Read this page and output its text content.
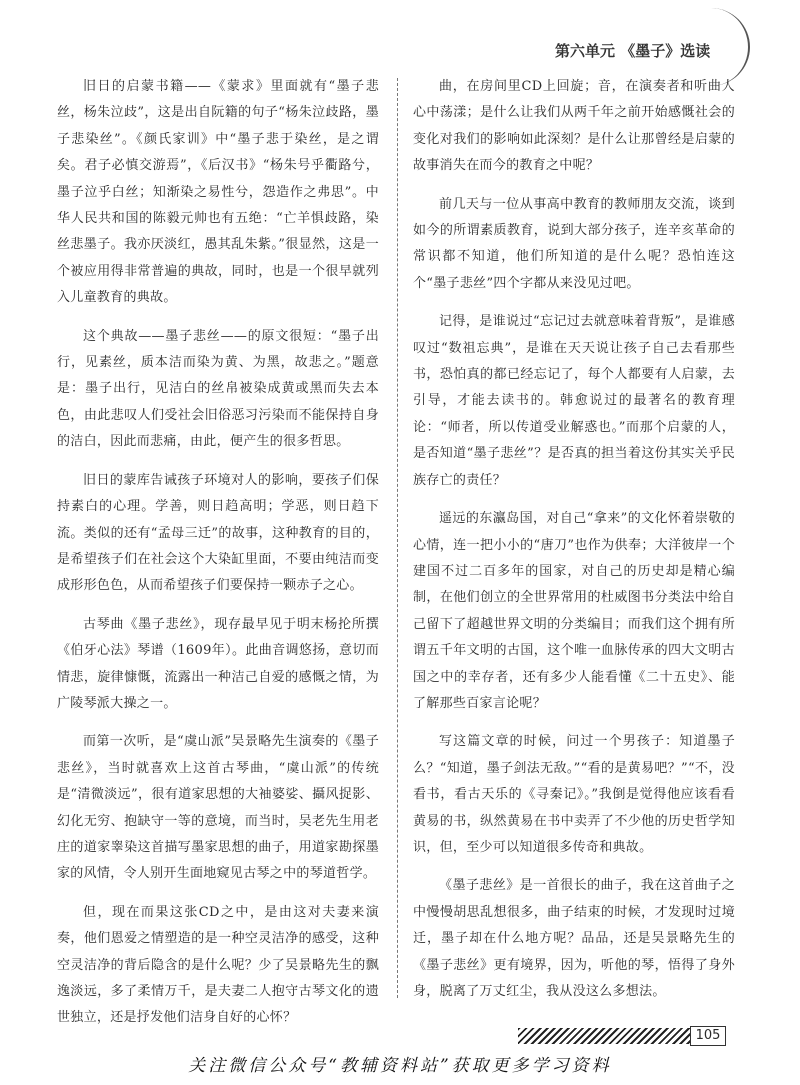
第六单元 《墨子》选读

旧日的启蒙书籍——《蒙求》里面就有“墨子悲丝，杨朱泣歧”，这是出自阮籍的句子“杨朱泣歧路，墨子悲染丝”。《颜氏家训》中“墨子悲于染丝，是之谓矣。君子必慎交游焉”，《后汉书》“杨朱号乎衢路兮，墨子泣乎白丝；知渐染之易性兮，怨造作之弗思”。中华人民共和国的陈毅元帅也有五绝：“亡羊惧歧路，染丝悲墨子。我亦厌淡红，愚其乱朱紫。”很显然，这是一个被应用得非常普遍的典故，同时，也是一个很早就列入儿童教育的典故。

这个典故——墨子悲丝——的原文很短：“墨子出行，见素丝，质本洁而染为黄、为黑，故悲之。”题意是：墨子出行，见洁白的丝帛被染成黄或黑而失去本色，由此悲叹人们受社会旧俗恶习污染而不能保持自身的洁白，因此而悲痛，由此，便产生的很多哲思。

旧日的蒙库告诫孩子环境对人的影响，要孩子们保持素白的心理。学善，则日趋高明；学恶，则日趋下流。类似的还有“孟母三迁”的故事，这种教育的目的，是希望孩子们在社会这个大染缸里面，不要由纯洁而变成形形色色，从而希望孩子们要保持一颗赤子之心。

古琴曲《墨子悲丝》，现存最早见于明末杨抡所撰《伯牙心法》琴谱（1609年）。此曲音调悠扬，意切而情悲，旋律慷慨，流露出一种洁己自爱的感慨之情，为广陵琴派大操之一。

而第一次听，是“虞山派”吴景略先生演奏的《墨子悲丝》，当时就喜欢上这首古琴曲，“虞山派”的传统是“清微淡远”，很有道家思想的大袖婆娑、攝风捉影、幻化无穷、抱缺守一等的意境，而当时，吴老先生用老庄的道家睾染这首描写墨家思想的曲子，用道家勘探墨家的风情，令人别开生面地窥见古琴之中的琴道哲学。

但，现在而果这张CD之中，是由这对夫妻来演奏，他们恩爱之情塑造的是一种空灵洁净的感受，这种空灵洁净的背后隐含的是什么呢？少了吴景略先生的飘逸淡远，多了柔情万千，是夫妻二人抱守古琴文化的遗世独立，还是抒发他们洁身自好的心怀？

曲，在房间里CD上回旋；音，在演奏者和听曲人心中荡漾；是什么让我们从两千年之前开始感慨社会的变化对我们的影响如此深刻？是什么让那曾经是启蒙的故事消失在而今的教育之中呢？

前几天与一位从事高中教育的教师朋友交流，谈到如今的所谓素质教育，说到大部分孩子，连辛亥革命的常识都不知道，他们所知道的是什么呢？恐怕连这个“墨子悲丝”四个字都从来没见过吧。

记得，是谁说过“忘记过去就意味着背叛”，是谁感叹过“数祖忘典”，是谁在天天说让孩子自己去看那些书，恐怕真的都已经忘记了，每个人都要有人启蒙，去引导，才能去读书的。韩愈说过的最著名的教育理论：“师者，所以传道受业解惑也。”而那个启蒙的人，是否知道“墨子悲丝”？是否真的担当着这份其实关乎民族存亡的责任？

遥远的东瀛岛国，对自己“拿来”的文化怀着崇敬的心情，连一把小小的“唐刀”也作为供奉；大洋彼岸一个建国不过二百多年的国家，对自己的历史却是精心编制，在他们创立的全世界常用的杜威图书分类法中给自己留下了超越世界文明的分类编目；而我们这个拥有所谓五千年文明的古国，这个唯一血脉传承的四大文明古国之中的幸存者，还有多少人能看懂《二十五史》、能了解那些百家言论呢？

写这篇文章的时候，问过一个男孩子：知道墨子么？“知道，墨子剑法无敌。”“看的是黄易吧？”“不，没看书，看古天乐的《寻秦记》。”我倒是觉得他应该看看黄易的书，纵然黄易在书中卖弄了不少他的历史哲学知识，但，至少可以知道很多传奇和典故。

《墨子悲丝》是一首很长的曲子，我在这首曲子之中慢慢胡思乱想很多，曲子结束的时候，才发现时过境迁，墨子却在什么地方呢？品品，还是吴景略先生的《墨子悲丝》更有境界，因为，听他的琴，悟得了身外身，脱离了万丈红尘，我从没这么多想法。

105
关注微信公众号“教辅资料站”获取更多学习资料
